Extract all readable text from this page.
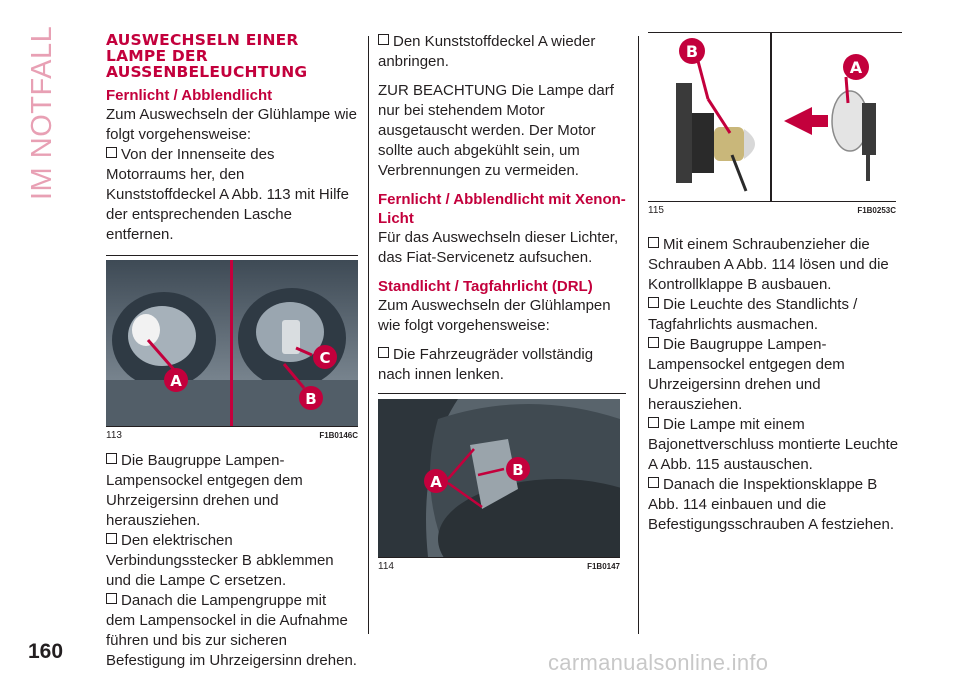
IM NOTFALL
160	carmanualsonline.info
AUSWECHSELN EINER
LAMPE DER
AUSSENBELEUCHTUNG

Fernlicht / Abblendlicht

Zum Auswechseln der Glühlampe wie folgt vorgehensweise:

Von der Innenseite des Motorraums her, den Kunststoffdeckel A Abb. 113 mit Hilfe der entsprechenden Lasche entfernen.

A
C
B
113	F1B0146C

Die Baugruppe Lampen- Lampensockel entgegen dem Uhrzeigersinn drehen und herausziehen.

Den elektrischen Verbindungsstecker B abklemmen und die Lampe C ersetzen.

Danach die Lampengruppe mit dem Lampensockel in die Aufnahme führen und bis zur sicheren Befestigung im Uhrzeigersinn drehen.

Den Kunststoffdeckel A wieder anbringen.

ZUR BEACHTUNG Die Lampe darf nur bei stehendem Motor ausgetauscht werden. Der Motor sollte auch abgekühlt sein, um Verbrennungen zu vermeiden.

Fernlicht / Abblendlicht mit Xenon-Licht

Für das Auswechseln dieser Lichter, das Fiat-Servicenetz aufsuchen.

Standlicht / Tagfahrlicht (DRL)

Zum Auswechseln der Glühlampen wie folgt vorgehensweise:

Die Fahrzeugräder vollständig nach innen lenken.

A
B
114	F1B0147
B
A
115	F1B0253C

Mit einem Schraubenzieher die Schrauben A Abb. 114 lösen und die Kontrollklappe B ausbauen.

Die Leuchte des Standlichts / Tagfahrlichts ausmachen.

Die Baugruppe Lampen- Lampensockel entgegen dem Uhrzeigersinn drehen und herausziehen.

Die Lampe mit einem Bajonettverschluss montierte Leuchte A Abb. 115 austauschen.

Danach die Inspektionsklappe B Abb. 114 einbauen und die Befestigungsschrauben A festziehen.
